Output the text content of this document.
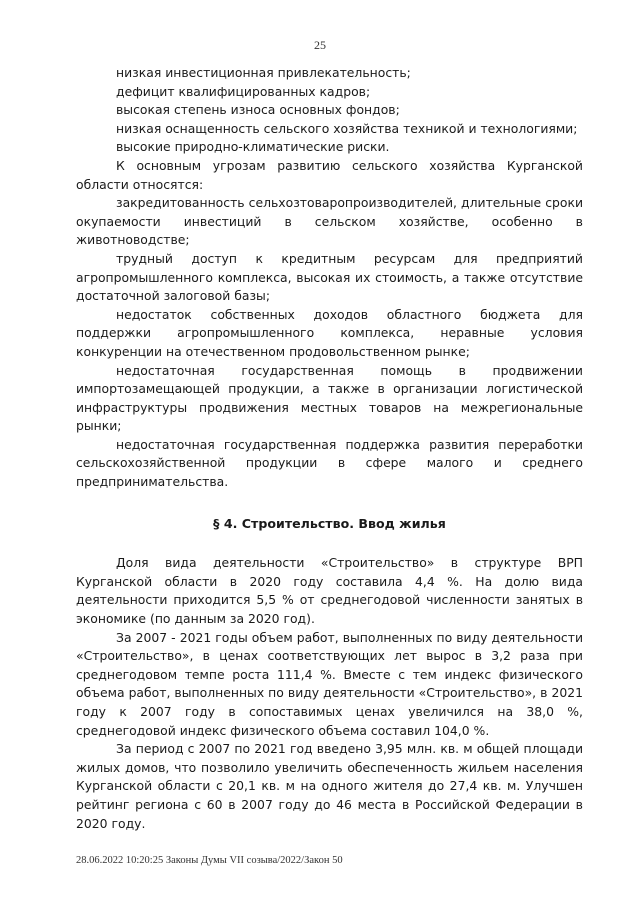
25

низкая инвестиционная привлекательность;

дефицит квалифицированных кадров;

высокая степень износа основных фондов;

низкая оснащенность сельского хозяйства техникой и технологиями;

высокие природно-климатические риски.

К основным угрозам развитию сельского хозяйства Курганской области относятся:

закредитованность сельхозтоваропроизводителей, длительные сроки окупаемости инвестиций в сельском хозяйстве, особенно в животноводстве;

трудный доступ к кредитным ресурсам для предприятий агропромышленного комплекса, высокая их стоимость, а также отсутствие достаточной залоговой базы;

недостаток собственных доходов областного бюджета для поддержки агропромышленного комплекса, неравные условия конкуренции на отечественном продовольственном рынке;

недостаточная государственная помощь в продвижении импортозамещающей продукции, а также в организации логистической инфраструктуры продвижения местных товаров на межрегиональные рынки;

недостаточная государственная поддержка развития переработки сельскохозяйственной продукции в сфере малого и среднего предпринимательства.

§ 4. Строительство. Ввод жилья

Доля вида деятельности «Строительство» в структуре ВРП Курганской области в 2020 году составила 4,4 %. На долю вида деятельности приходится 5,5 % от среднегодовой численности занятых в экономике (по данным за 2020 год).

За 2007 - 2021 годы объем работ, выполненных по виду деятельности «Строительство», в ценах соответствующих лет вырос в 3,2 раза при среднегодовом темпе роста 111,4 %. Вместе с тем индекс физического объема работ, выполненных по виду деятельности «Строительство», в 2021 году к 2007 году в сопоставимых ценах увеличился на 38,0 %, среднегодовой индекс физического объема составил 104,0 %.

За период с 2007 по 2021 год введено 3,95 млн. кв. м общей площади жилых домов, что позволило увеличить обеспеченность жильем населения Курганской области с 20,1 кв. м на одного жителя до 27,4 кв. м. Улучшен рейтинг региона с 60 в 2007 году до 46 места в Российской Федерации в 2020 году.

28.06.2022 10:20:25 Законы Думы VII созыва/2022/Закон 50
